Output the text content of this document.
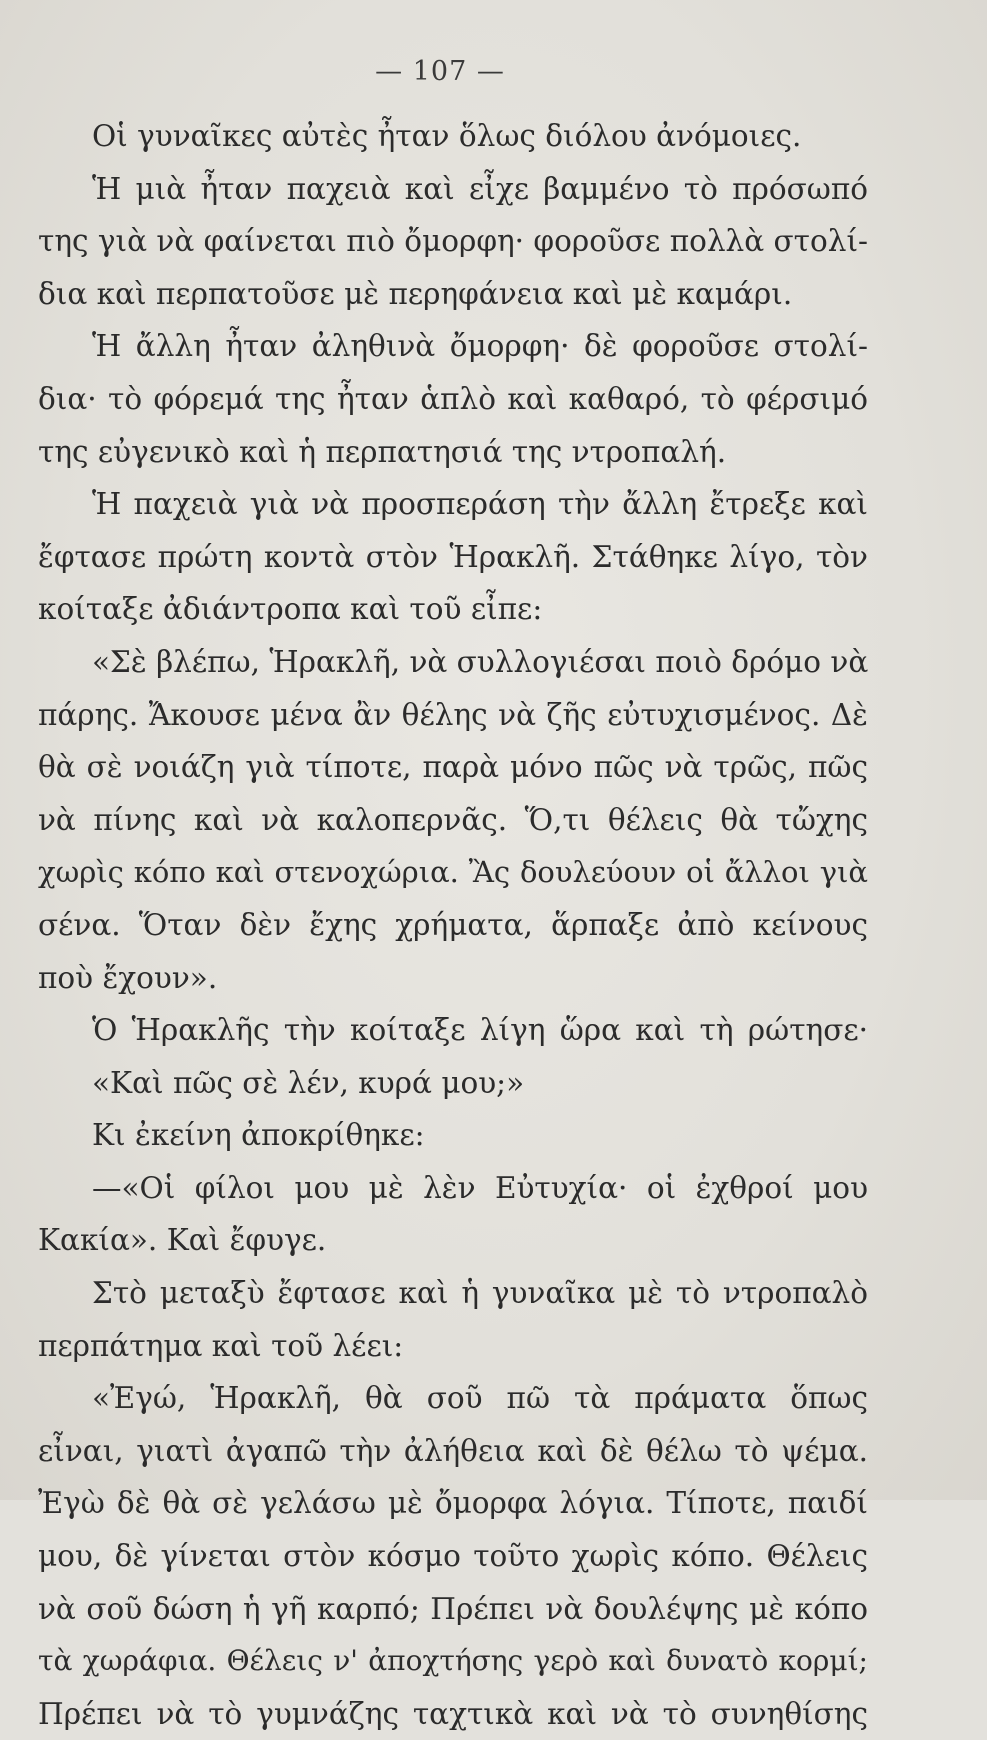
— 107 —
Οἱ γυναῖκες αὐτὲς ἦταν ὅλως διόλου ἀνόμοιες.
Ἡ μιὰ ἦταν παχειὰ καὶ εἶχε βαμμένο τὸ πρόσωπό
της γιὰ νὰ φαίνεται πιὸ ὄμορφη· φοροῦσε πολλὰ στολί-
δια καὶ περπατοῦσε μὲ περηφάνεια καὶ μὲ καμάρι.
Ἡ ἄλλη ἦταν ἀληθινὰ ὄμορφη· δὲ φοροῦσε στολί-
δια· τὸ φόρεμά της ἦταν ἁπλὸ καὶ καθαρό, τὸ φέρσιμό
της εὐγενικὸ καὶ ἡ περπατησιά της ντροπαλή.
Ἡ παχειὰ γιὰ νὰ προσπεράση τὴν ἄλλη ἔτρεξε καὶ
ἔφτασε πρώτη κοντὰ στὸν Ἡρακλῆ. Στάθηκε λίγο, τὸν
κοίταξε ἀδιάντροπα καὶ τοῦ εἶπε:
«Σὲ βλέπω, Ἡρακλῆ, νὰ συλλογιέσαι ποιὸ δρόμο νὰ
πάρης. Ἄκουσε μένα ἂν θέλης νὰ ζῆς εὐτυχισμένος. Δὲ
θὰ σὲ νοιάζη γιὰ τίποτε, παρὰ μόνο πῶς νὰ τρῶς, πῶς
νὰ πίνης καὶ νὰ καλοπερνᾶς. Ὅ,τι θέλεις θὰ τὤχης
χωρὶς κόπο καὶ στενοχώρια. Ἂς δουλεύουν οἱ ἄλλοι γιὰ
σένα. Ὅταν δὲν ἔχης χρήματα, ἅρπαξε ἀπὸ κείνους
ποὺ ἔχουν».
Ὁ Ἡρακλῆς τὴν κοίταξε λίγη ὥρα καὶ τὴ ρώτησε·
«Καὶ πῶς σὲ λέν, κυρά μου;»
Κι ἐκείνη ἀποκρίθηκε:
—«Οἱ φίλοι μου μὲ λὲν Εὐτυχία· οἱ ἐχθροί μου
Κακία». Καὶ ἔφυγε.
Στὸ μεταξὺ ἔφτασε καὶ ἡ γυναῖκα μὲ τὸ ντροπαλὸ
περπάτημα καὶ τοῦ λέει:
«Ἐγώ, Ἡρακλῆ, θὰ σοῦ πῶ τὰ πράματα ὅπως
εἶναι, γιατὶ ἀγαπῶ τὴν ἀλήθεια καὶ δὲ θέλω τὸ ψέμα.
Ἐγὼ δὲ θὰ σὲ γελάσω μὲ ὄμορφα λόγια. Τίποτε, παιδί
μου, δὲ γίνεται στὸν κόσμο τοῦτο χωρὶς κόπο. Θέλεις
νὰ σοῦ δώση ἡ γῆ καρπό; Πρέπει νὰ δουλέψης μὲ κόπο
τὰ χωράφια. Θέλεις ν' ἀποχτήσης γερὸ καὶ δυνατὸ κορμί;
Πρέπει νὰ τὸ γυμνάζης ταχτικὰ καὶ νὰ τὸ συνηθίσης
